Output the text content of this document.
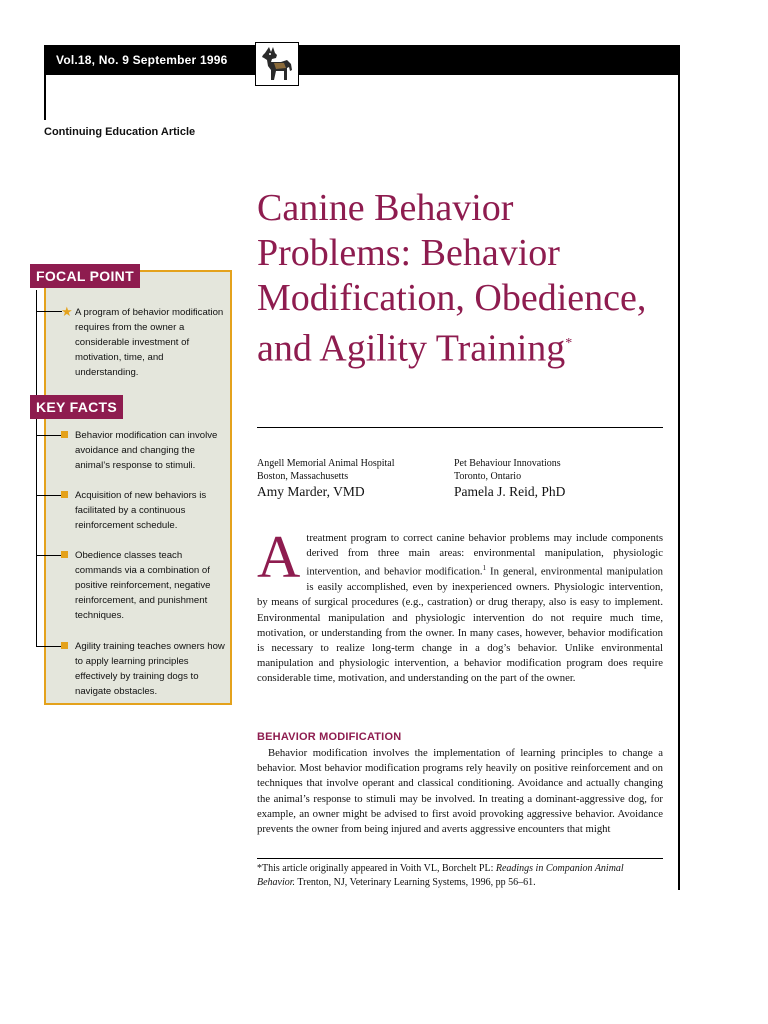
Vol.18, No. 9 September 1996
Continuing Education Article
Canine Behavior Problems: Behavior Modification, Obedience, and Agility Training*
Angell Memorial Animal Hospital
Boston, Massachusetts
Amy Marder, VMD
Pet Behaviour Innovations
Toronto, Ontario
Pamela J. Reid, PhD
FOCAL POINT
KEY FACTS
★ A program of behavior modification requires from the owner a considerable investment of motivation, time, and understanding.
Behavior modification can involve avoidance and changing the animal’s response to stimuli.
Acquisition of new behaviors is facilitated by a continuous reinforcement schedule.
Obedience classes teach commands via a combination of positive reinforcement, negative reinforcement, and punishment techniques.
Agility training teaches owners how to apply learning principles effectively by training dogs to navigate obstacles.

Atreatment program to correct canine behavior problems may include components derived from three main areas: environmental manipulation, physiologic intervention, and behavior modification.$^1$ In general, environmental manipulation is easily accomplished, even by inexperienced owners. Physiologic intervention, by means of surgical procedures (e.g., castration) or drug therapy, also is easy to implement. Environmental manipulation and physiologic intervention do not require much time, motivation, or understanding from the owner. In many cases, however, behavior modification is necessary to realize long-term change in a dog’s behavior. Unlike environmental manipulation and physiologic intervention, a behavior modification program does require considerable time, motivation, and understanding on the part of the owner.

BEHAVIOR MODIFICATION

Behavior modification involves the implementation of learning principles to change a behavior. Most behavior modification programs rely heavily on positive reinforcement and on techniques that involve operant and classical conditioning. Avoidance and actually changing the animal’s response to stimuli may be involved. In treating a dominant-aggressive dog, for example, an owner might be advised to first avoid provoking aggressive behavior. Avoidance prevents the owner from being injured and averts aggressive encounters that might

*This article originally appeared in Voith VL, Borchelt PL: Readings in Companion Animal Behavior. Trenton, NJ, Veterinary Learning Systems, 1996, pp 56–61.
